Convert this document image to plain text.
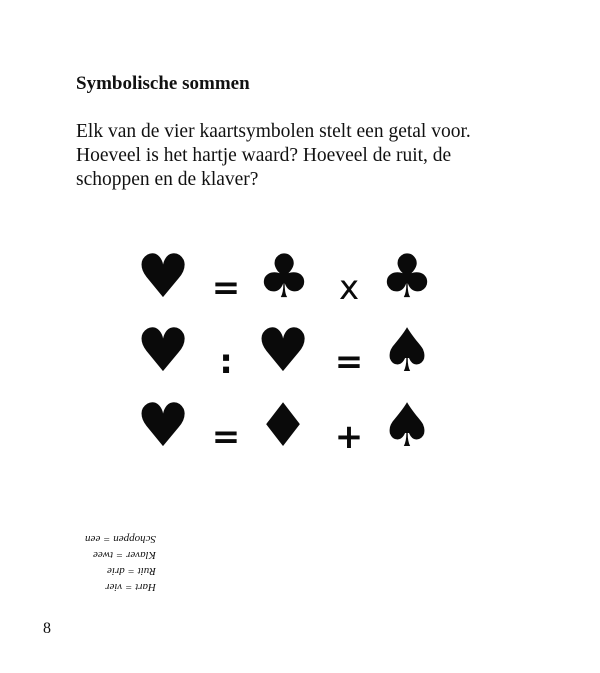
Symbolische sommen

Elk van de vier kaartsymbolen stelt een getal voor. Hoeveel is het hartje waard? Hoeveel de ruit, de schoppen en de klaver?

♥ = ♣ x ♣
♥ : ♥ = ♠
♥ = ♦ + ♠
Hart = vier
Ruit = drie
Klaver = twee
Schoppen = een
8
